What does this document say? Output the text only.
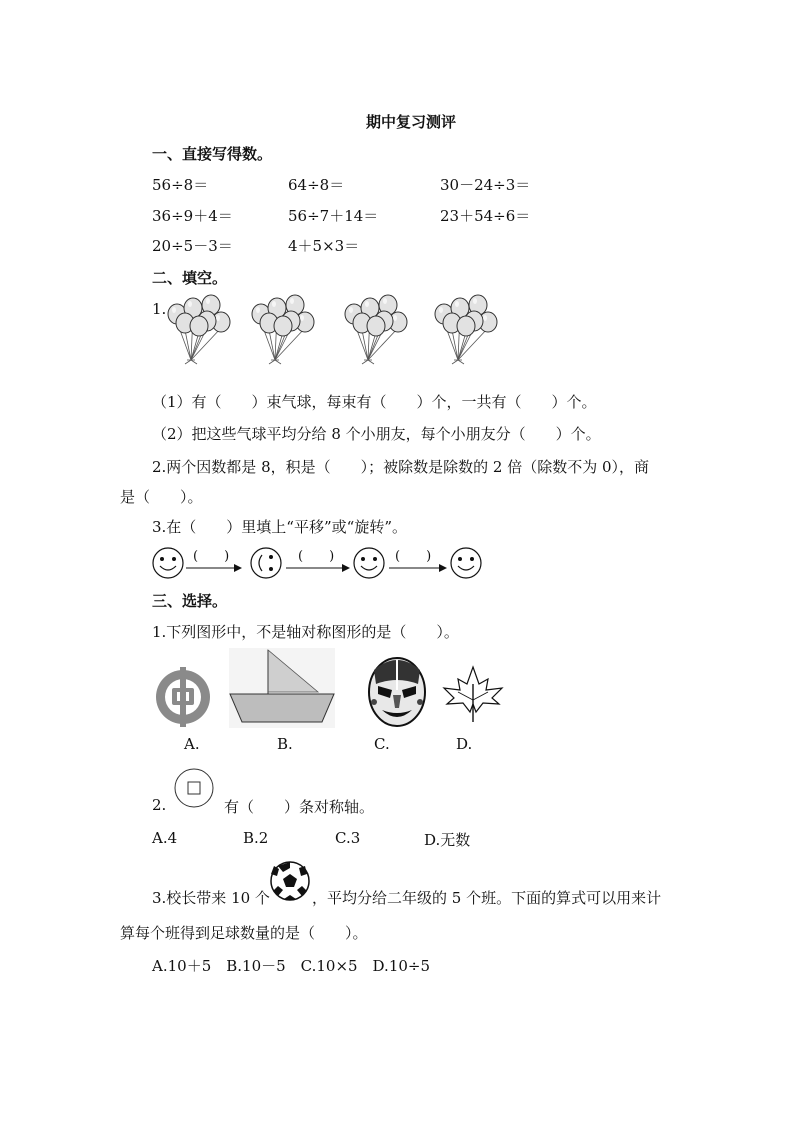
期中复习测评
一、直接写得数。
56÷8＝	64÷8＝	30－24÷3＝
36÷9＋4＝	56÷7＋14＝	23＋54÷6＝
20÷5－3＝	4＋5×3＝
二、填空。
1.
（1）有（　　）束气球，每束有（　　）个，一共有（　　）个。
（2）把这些气球平均分给 8 个小朋友，每个小朋友分（　　）个。
2.两个因数都是 8，积是（　　）；被除数是除数的 2 倍（除数不为 0），商
是（　　）。
3.在（　　）里填上“平移”或“旋转”。
(　　)	(　　)	(　　)
三、选择。
1.下列图形中，不是轴对称图形的是（　　）。
A.	B.	C.	D.
2.	有（　　）条对称轴。
A.4	B.2	C.3	D.无数
3.校长带来 10 个	，平均分给二年级的 5 个班。下面的算式可以用来计
算每个班得到足球数量的是（　　）。
A.10＋5　B.10－5　C.10×5　D.10÷5
